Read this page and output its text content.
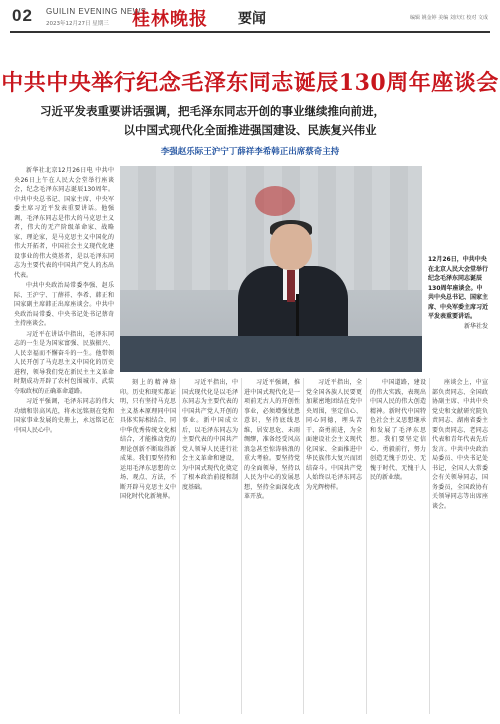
02 GUILIN EVENING NEWS
2023年12月27日 星期三 桂林晚报 要闻	编辑 姚金婷 美编 刘庆红 校对 文成
中共中央举行纪念毛泽东同志诞辰130周年座谈会
习近平发表重要讲话强调，把毛泽东同志开创的事业继续推向前进，
以中国式现代化全面推进强国建设、民族复兴伟业
李强赵乐际王沪宁丁薛祥李希韩正出席蔡奇主持

新华社北京12月26日电 中共中央26日上午在人民大会堂举行座谈会，纪念毛泽东同志诞辰130周年。中共中央总书记、国家主席、中央军委主席习近平发表重要讲话。他强调，毛泽东同志是伟大的马克思主义者，伟大的无产阶级革命家、战略家、理论家，是马克思主义中国化的伟大开拓者，中国社会主义现代化建设事业的伟大奠基者，是以毛泽东同志为主要代表的中国共产党人的杰出代表。

中共中央政治局常委李强、赵乐际、王沪宁、丁薛祥、李希、韩正和国家副主席韩正出席座谈会。中共中央政治局常委、中央书记处书记蔡奇主持座谈会。

习近平在讲话中指出，毛泽东同志的一生是为国家富强、民族振兴、人民幸福而不懈奋斗的一生。他带领人民开创了马克思主义中国化的历史进程，领导我们党在新民主主义革命时期成功开辟了农村包围城市、武装夺取政权的正确革命道路。

习近平强调，毛泽东同志的伟大功绩和崇高风范，将永远铭刻在党和国家事业发展的史册上，永远铭记在中国人民心中。

12月26日，中共中央在北京人民大会堂举行纪念毛泽东同志诞辰130周年座谈会。中共中央总书记、国家主席、中央军委主席习近平发表重要讲话。
新华社发

刻上的精神烙印。历史和现实都证明，只有坚持马克思主义基本原理同中国具体实际相结合、同中华优秀传统文化相结合，才能推动党的理论创新不断取得新成果。我们要坚持和运用毛泽东思想的立场、观点、方法，不断开辟马克思主义中国化时代化新境界。

习近平指出，中国式现代化是以毛泽东同志为主要代表的中国共产党人开创的事业。新中国成立后，以毛泽东同志为主要代表的中国共产党人领导人民进行社会主义革命和建设，为中国式现代化奠定了根本政治前提和制度基础。

习近平强调，推进中国式现代化是一项前无古人的开创性事业，必须增强忧患意识，坚持底线思维，居安思危、未雨绸缪，准备经受风高浪急甚至惊涛骇浪的重大考验。要坚持党的全面领导，坚持以人民为中心的发展思想，坚持全面深化改革开放。

习近平指出，全党全国各族人民要更加紧密地团结在党中央周围，坚定信心、同心同德，埋头苦干、奋勇前进，为全面建设社会主义现代化国家、全面推进中华民族伟大复兴而团结奋斗。中国共产党人始终以毛泽东同志为光辉榜样。

中国道路，建设的伟大实践，表现出中国人民的伟大创造精神。新时代中国特色社会主义思想继承和发展了毛泽东思想。我们要坚定信心、勇毅前行，努力创造无愧于历史、无愧于时代、无愧于人民的新业绩。

座谈会上，中宣部负责同志、全国政协副主席、中共中央党史和文献研究院负责同志、湖南省委主要负责同志、老同志代表和青年代表先后发言。中共中央政治局委员、中央书记处书记，全国人大常委会有关领导同志，国务委员，全国政协有关领导同志等出席座谈会。
